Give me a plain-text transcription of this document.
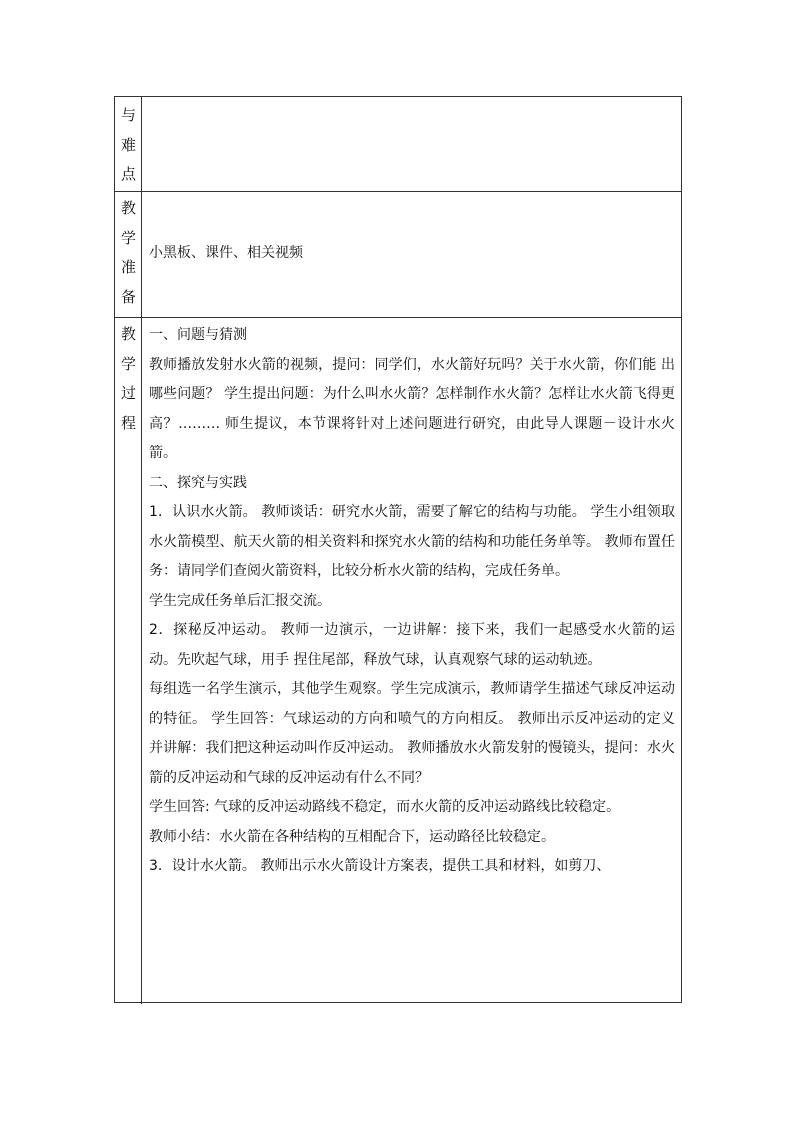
与
难
点
教
学
准
备
小黑板、课件、相关视频
教
学
过
程

一、问题与猜测

教师播放发射水火箭的视频，提问：同学们，水火箭好玩吗？关于水火箭，你们能 出哪些问题？ 学生提出问题：为什么叫水火箭？怎样制作水火箭？怎样让水火箭飞得更高？……… 师生提议，本节课将针对上述问题进行研究，由此导人课题－设计水火箭。

二、探究与实践

1．认识水火箭。 教师谈话：研究水火箭，需要了解它的结构与功能。 学生小组领取水火箭模型、航天火箭的相关资料和探究水火箭的结构和功能任务单等。 教师布置任务：请同学们查阅火箭资料，比较分析水火箭的结构，完成任务单。

学生完成任务单后汇报交流。

2．探秘反冲运动。 教师一边演示，一边讲解：接下来，我们一起感受水火箭的运动。先吹起气球，用手 捏住尾部，释放气球，认真观察气球的运动轨迹。

每组选一名学生演示，其他学生观察。学生完成演示，教师请学生描述气球反冲运动 的特征。 学生回答：气球运动的方向和喷气的方向相反。 教师出示反冲运动的定义并讲解：我们把这种运动叫作反冲运动。 教师播放水火箭发射的慢镜头，提问：水火箭的反冲运动和气球的反冲运动有什么不同？

学生回答: 气球的反冲运动路线不稳定，而水火箭的反冲运动路线比较稳定。

教师小结：水火箭在各种结构的互相配合下，运动路径比较稳定。

3．设计水火箭。 教师出示水火箭设计方案表，提供工具和材料，如剪刀、
